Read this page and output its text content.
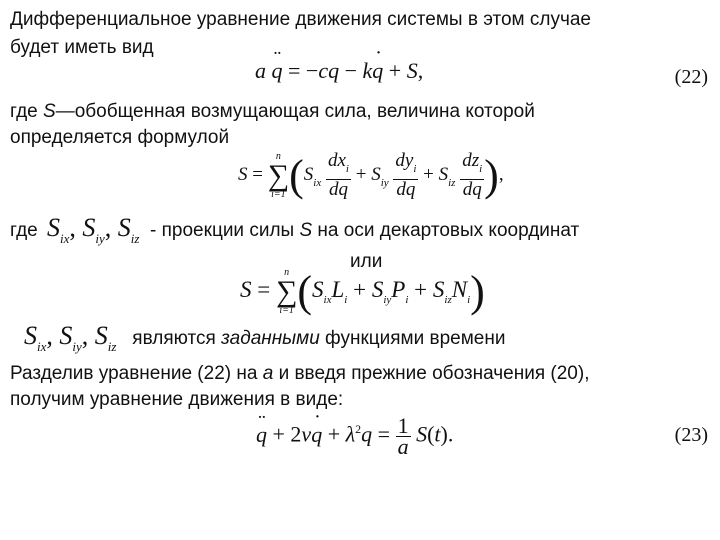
Дифференциальное уравнение движения системы в этом случае
будет иметь вид
a q ¨ = −cq − kq ˙ + S,	(22)
где S—обобщенная возмущающая сила, величина которой
определяется формулой
S =
n
∑
i=1 ($S_{ix} \frac{dx_i}{dq} + S_{iy} \frac{dy_i}{dq} + S_{iz} \frac{dz_i}{dq}$ ),
где $S_{ix}$, $S_{iy}$, $S_{iz}$ - проекции силы S на оси декартовых координат
или
S =
n
∑
i=1 $(S_{ix}L_i + S_{iy}P_i + S_{iz}N_i)$
$S_{ix}$, $S_{iy}$, $S_{iz}$ являются заданными функциями времени
Разделив уравнение (22) на a и введя прежние обозначения (20),
получим уравнение движения в виде:
q ¨ + 2νq ˙ + $\lambda^2q = \frac{1}{a} S(t)$.	(23)
